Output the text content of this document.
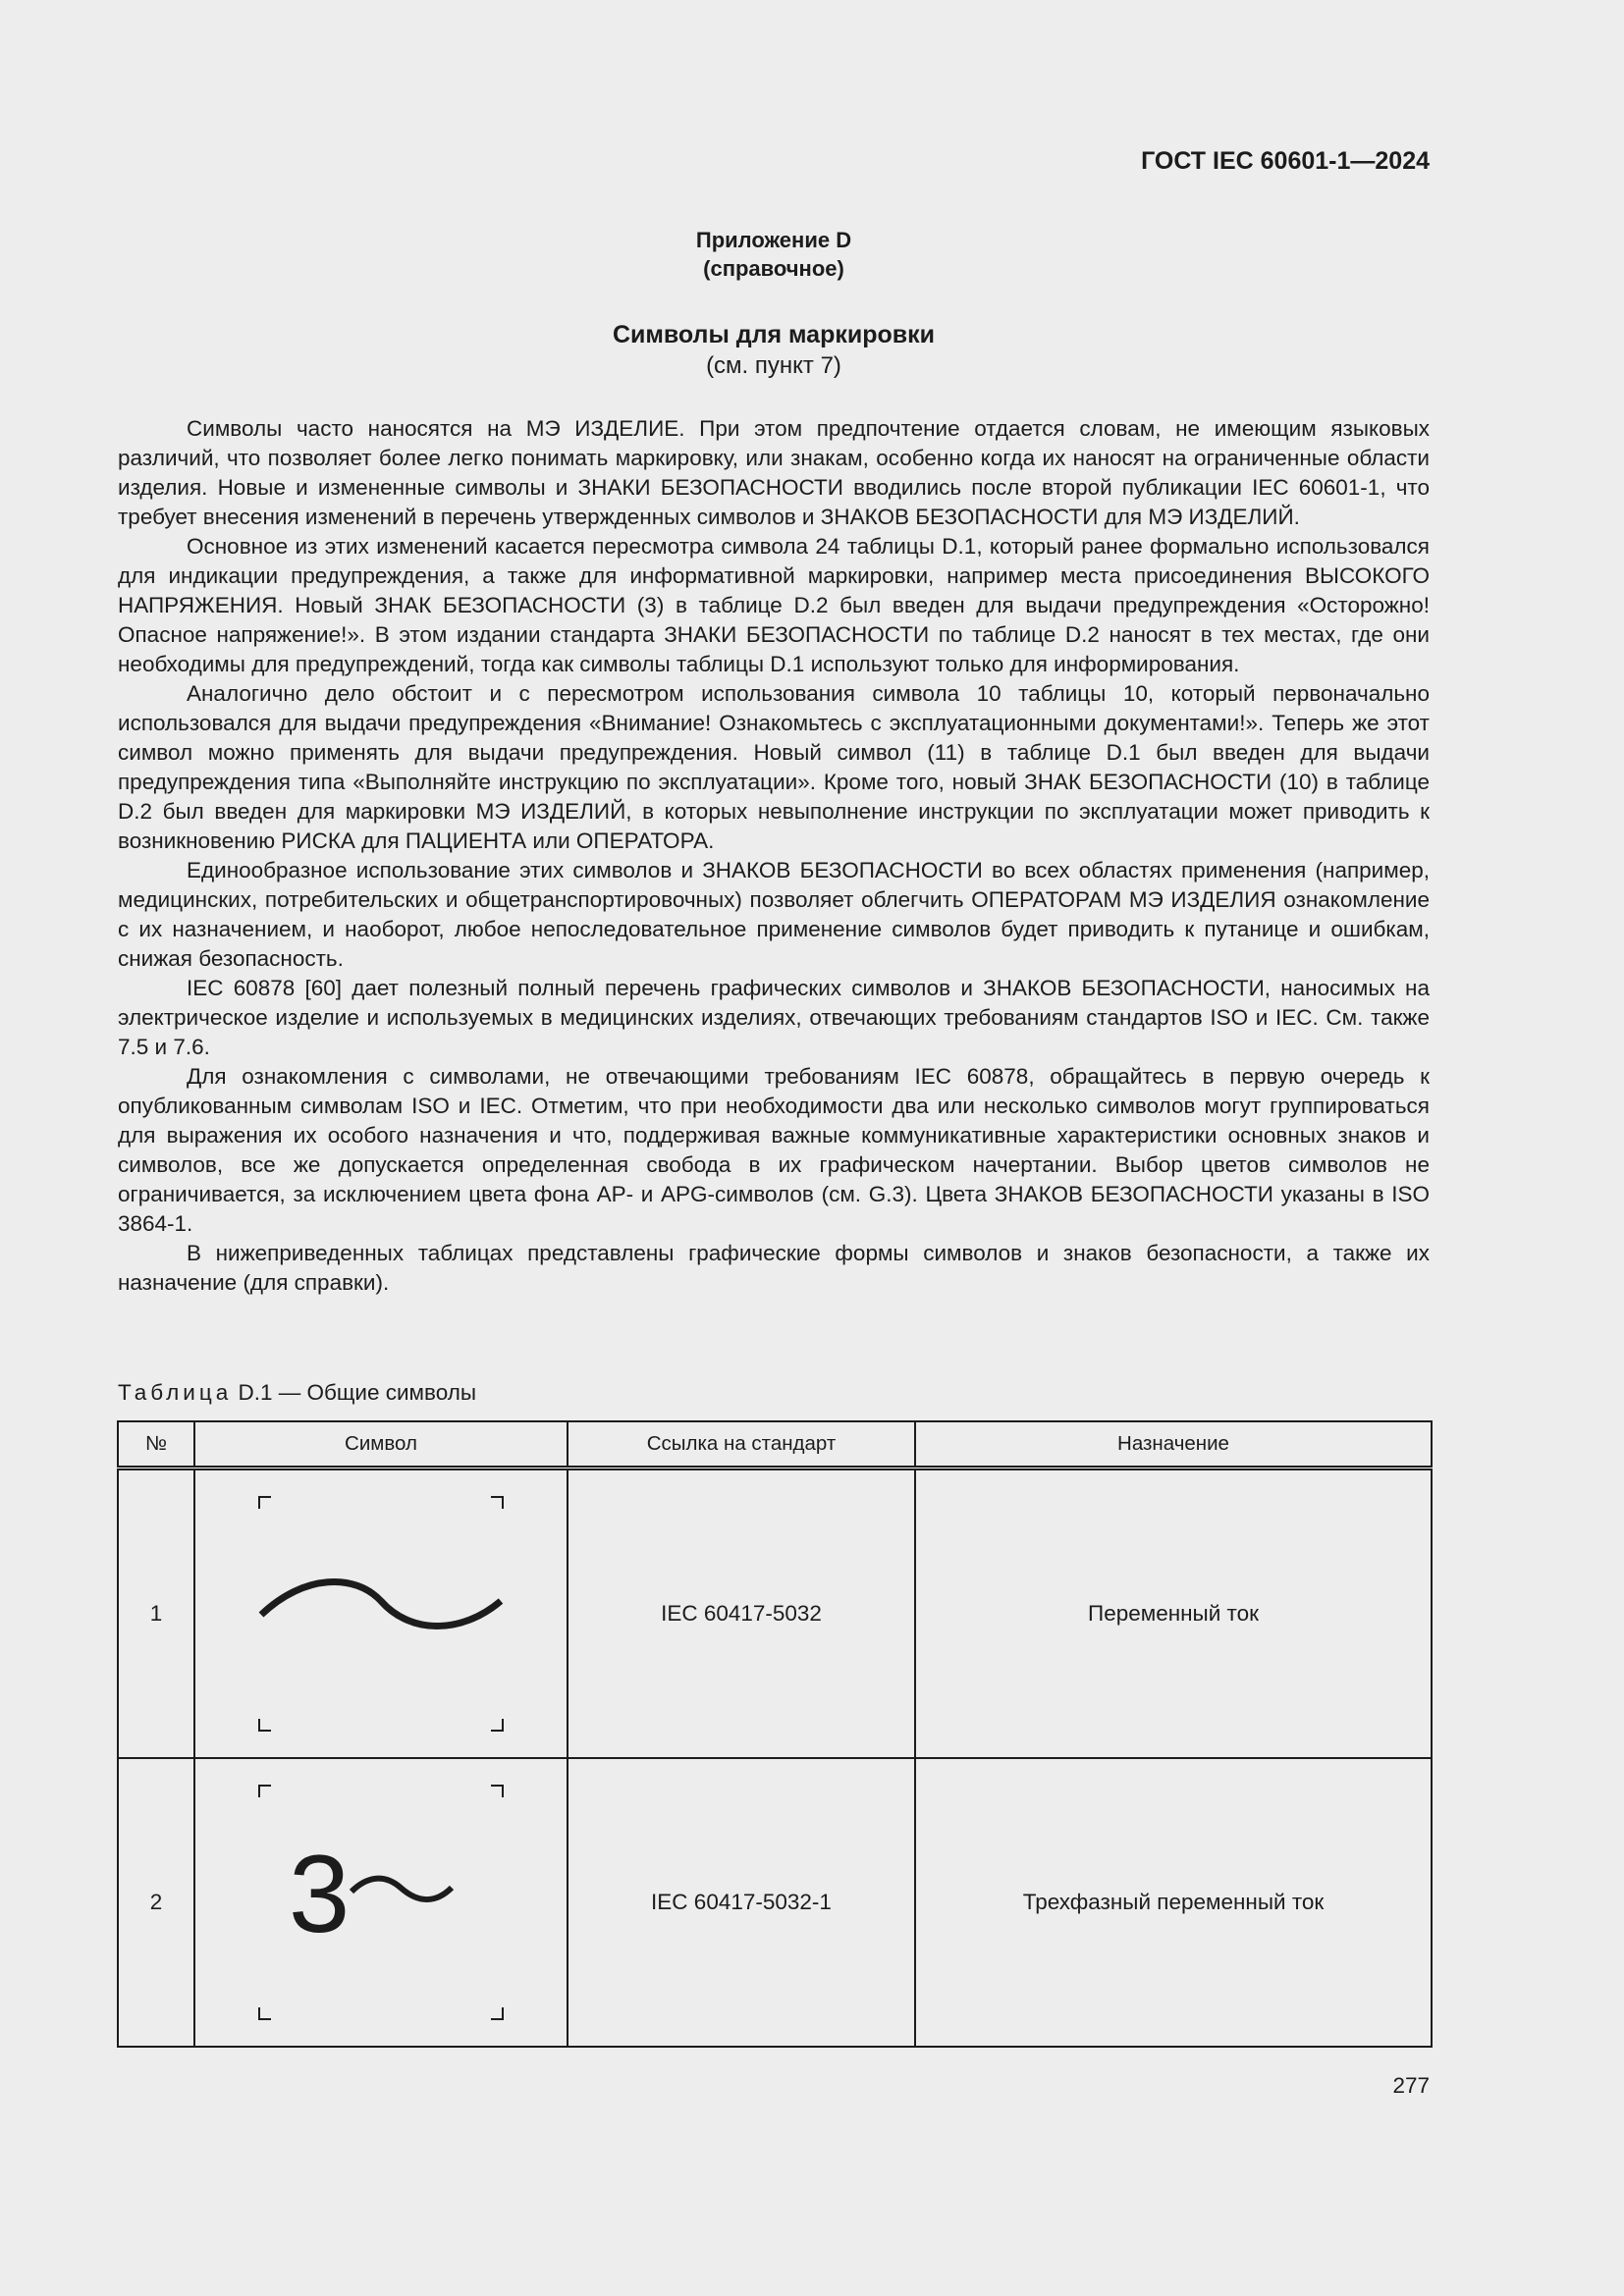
ГОСТ IEC 60601-1—2024
Приложение D
(справочное)
Символы для маркировки
(см. пункт 7)

Символы часто наносятся на МЭ ИЗДЕЛИЕ. При этом предпочтение отдается словам, не имеющим языковых различий, что позволяет более легко понимать маркировку, или знакам, особенно когда их наносят на ограниченные области изделия. Новые и измененные символы и ЗНАКИ БЕЗОПАСНОСТИ вводились после второй публикации IEC 60601-1, что требует внесения изменений в перечень утвержденных символов и ЗНАКОВ БЕЗОПАСНОСТИ для МЭ ИЗДЕЛИЙ.

Основное из этих изменений касается пересмотра символа 24 таблицы D.1, который ранее формально использовался для индикации предупреждения, а также для информативной маркировки, например места присоединения ВЫСОКОГО НАПРЯЖЕНИЯ. Новый ЗНАК БЕЗОПАСНОСТИ (3) в таблице D.2 был введен для выдачи предупреждения «Осторожно! Опасное напряжение!». В этом издании стандарта ЗНАКИ БЕЗОПАСНОСТИ по таблице D.2 наносят в тех местах, где они необходимы для предупреждений, тогда как символы таблицы D.1 используют только для информирования.

Аналогично дело обстоит и с пересмотром использования символа 10 таблицы 10, который первоначально использовался для выдачи предупреждения «Внимание! Ознакомьтесь с эксплуатационными документами!». Теперь же этот символ можно применять для выдачи предупреждения. Новый символ (11) в таблице D.1 был введен для выдачи предупреждения типа «Выполняйте инструкцию по эксплуатации». Кроме того, новый ЗНАК БЕЗОПАСНОСТИ (10) в таблице D.2 был введен для маркировки МЭ ИЗДЕЛИЙ, в которых невыполнение инструкции по эксплуатации может приводить к возникновению РИСКА для ПАЦИЕНТА или ОПЕРАТОРА.

Единообразное использование этих символов и ЗНАКОВ БЕЗОПАСНОСТИ во всех областях применения (например, медицинских, потребительских и общетранспортировочных) позволяет облегчить ОПЕРАТОРАМ МЭ ИЗДЕЛИЯ ознакомление с их назначением, и наоборот, любое непоследовательное применение символов будет приводить к путанице и ошибкам, снижая безопасность.

IEC 60878 [60] дает полезный полный перечень графических символов и ЗНАКОВ БЕЗОПАСНОСТИ, наносимых на электрическое изделие и используемых в медицинских изделиях, отвечающих требованиям стандартов ISO и IEC. См. также 7.5 и 7.6.

Для ознакомления с символами, не отвечающими требованиям IEC 60878, обращайтесь в первую очередь к опубликованным символам ISO и IEC. Отметим, что при необходимости два или несколько символов могут группироваться для выражения их особого назначения и что, поддерживая важные коммуникативные характеристики основных знаков и символов, все же допускается определенная свобода в их графическом начертании. Выбор цветов символов не ограничивается, за исключением цвета фона AP- и APG-символов (см. G.3). Цвета ЗНАКОВ БЕЗОПАСНОСТИ указаны в ISO 3864-1.

В нижеприведенных таблицах представлены графические формы символов и знаков безопасности, а также их назначение (для справки).

Таблица D.1 — Общие символы
№	Символ	Ссылка на стандарт	Назначение
1		IEC 60417-5032	Переменный ток
2	3	IEC 60417-5032-1	Трехфазный переменный ток
277
